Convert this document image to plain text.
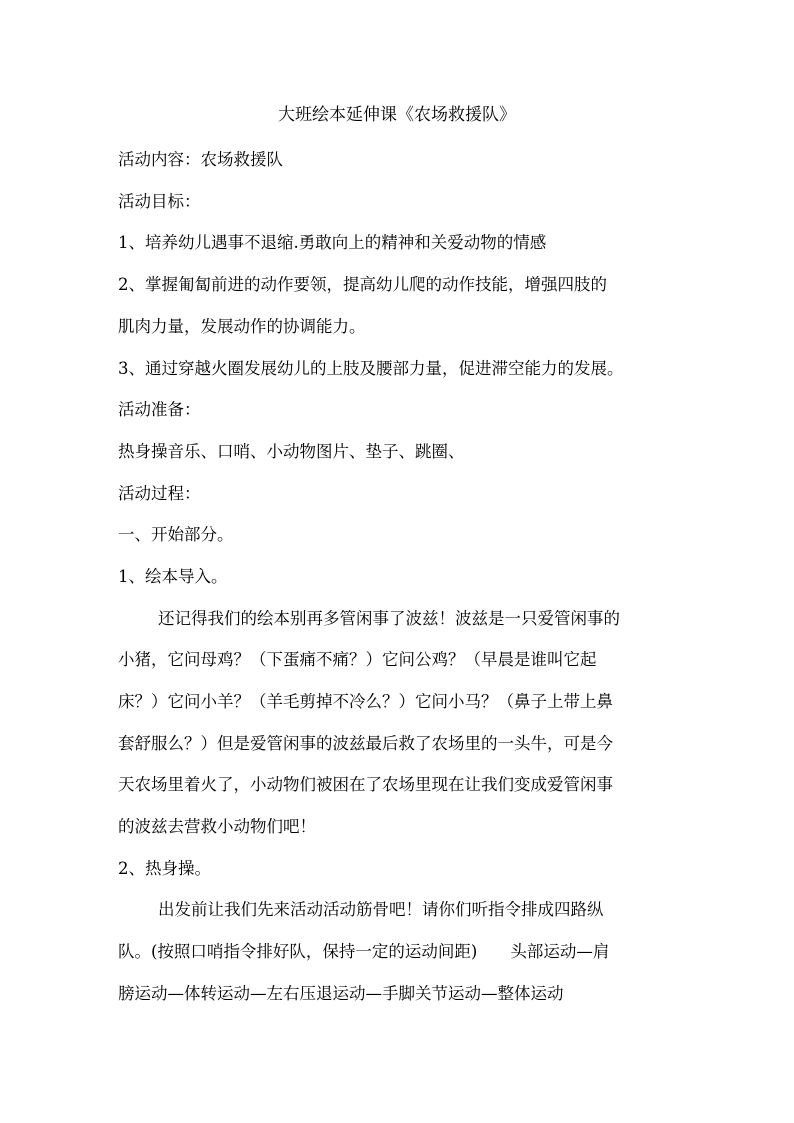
大班绘本延伸课《农场救援队》
活动内容：农场救援队
活动目标：
1、培养幼儿遇事不退缩.勇敢向上的精神和关爱动物的情感
2、掌握匍匐前进的动作要领，提高幼儿爬的动作技能，增强四肢的
肌肉力量，发展动作的协调能力。
3、通过穿越火圈发展幼儿的上肢及腰部力量，促进滞空能力的发展。
活动准备：
热身操音乐、口哨、小动物图片、垫子、跳圈、
活动过程：
一、开始部分。
1、绘本导入。
还记得我们的绘本别再多管闲事了波兹！波兹是一只爱管闲事的
小猪，它问母鸡？（下蛋痛不痛？）它问公鸡？（早晨是谁叫它起
床？）它问小羊？（羊毛剪掉不冷么？）它问小马？（鼻子上带上鼻
套舒服么？）但是爱管闲事的波兹最后救了农场里的一头牛，可是今
天农场里着火了，小动物们被困在了农场里现在让我们变成爱管闲事
的波兹去营救小动物们吧！
2、热身操。
出发前让我们先来活动活动筋骨吧！请你们听指令排成四路纵
队。(按照口哨指令排好队，保持一定的运动间距)　　头部运动—肩
膀运动—体转运动—左右压退运动—手脚关节运动—整体运动
